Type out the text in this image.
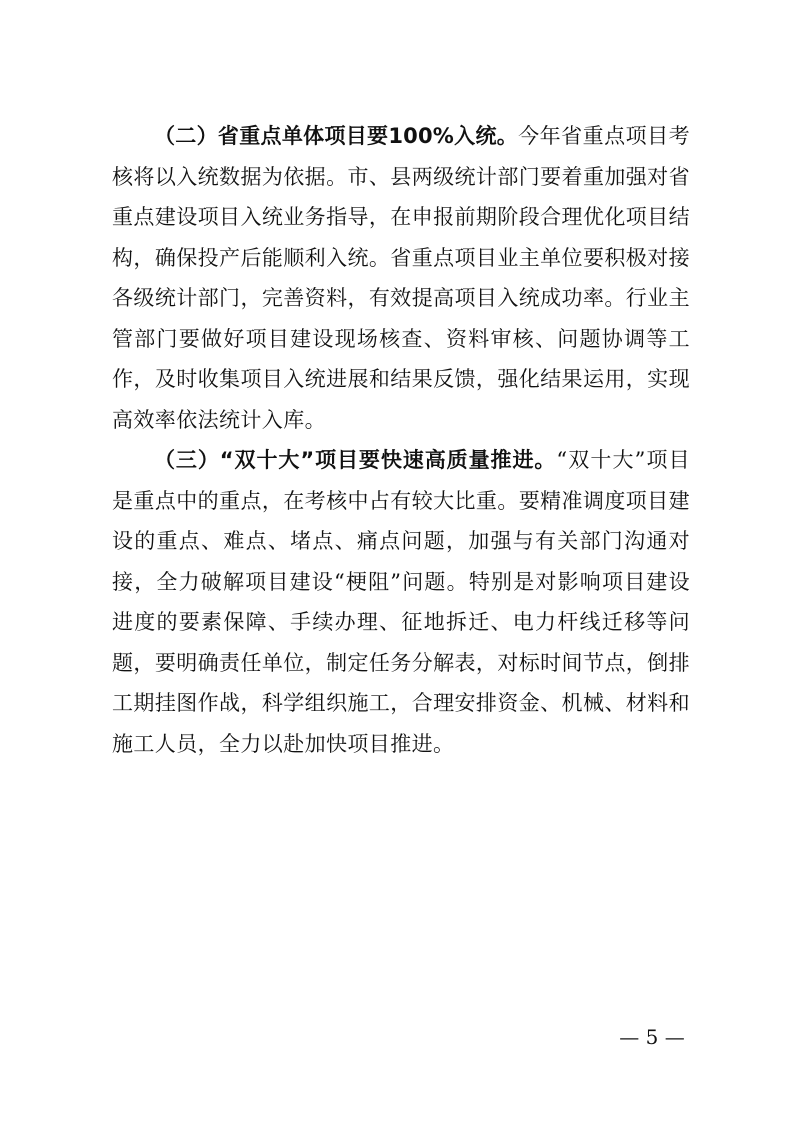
（二）省重点单体项目要100%入统。今年省重点项目考核将以入统数据为依据。市、县两级统计部门要着重加强对省重点建设项目入统业务指导，在申报前期阶段合理优化项目结构，确保投产后能顺利入统。省重点项目业主单位要积极对接各级统计部门，完善资料，有效提高项目入统成功率。行业主管部门要做好项目建设现场核查、资料审核、问题协调等工作，及时收集项目入统进展和结果反馈，强化结果运用，实现高效率依法统计入库。

（三）“双十大”项目要快速高质量推进。“双十大”项目是重点中的重点，在考核中占有较大比重。要精准调度项目建设的重点、难点、堵点、痛点问题，加强与有关部门沟通对接，全力破解项目建设“梗阻”问题。特别是对影响项目建设进度的要素保障、手续办理、征地拆迁、电力杆线迁移等问题，要明确责任单位，制定任务分解表，对标时间节点，倒排工期挂图作战，科学组织施工，合理安排资金、机械、材料和施工人员，全力以赴加快项目推进。

— 5 —
